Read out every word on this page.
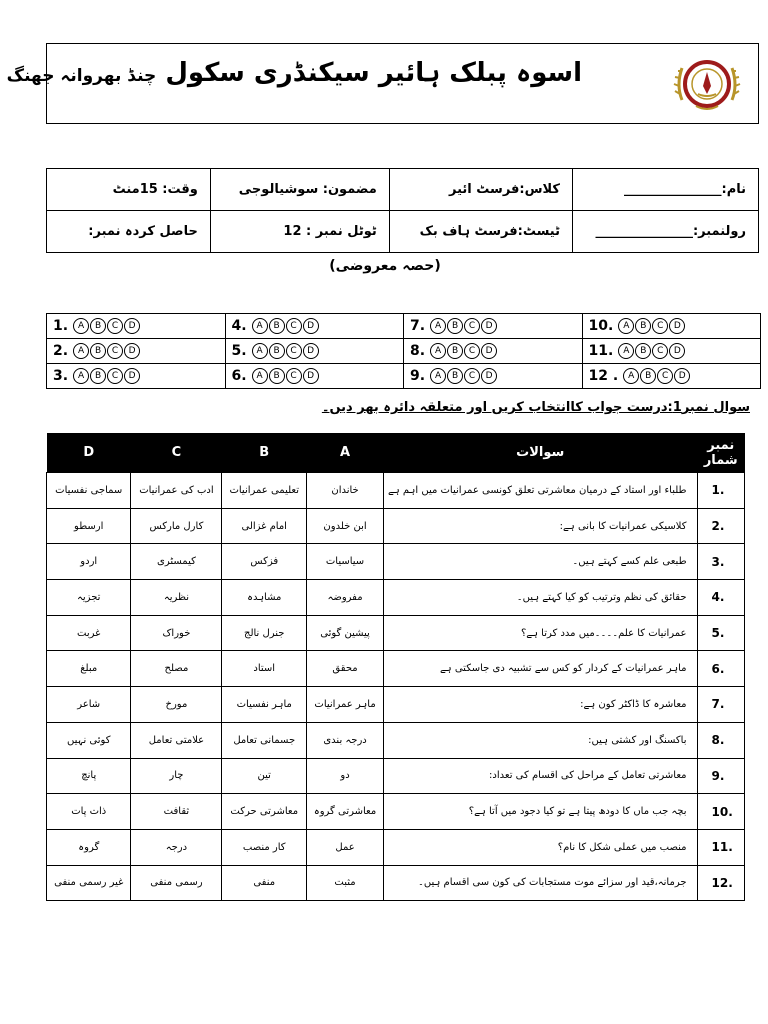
اسوہ پبلک ہائیر سیکنڈری سکول چنڈ بھروانہ جھنگ
نام:_______________	کلاس:فرسٹ ائیر	مضمون: سوشیالوجی	وقت: 15منٹ
رولنمبر:_______________	ٹیسٹ:فرسٹ ہاف بک	ٹوٹل نمبر : 12	حاصل کردہ نمبر:
(حصہ معروضی)
1. A B C D	4. A B C D	7. A B C D	10. A B C D
2. A B C D	5. A B C D	8. A B C D	11. A B C D
3. A B C D	6. A B C D	9. A B C D	12 . A B C D
سوال نمبر1:درست جواب کاانتخاب کریں اور متعلقہ دائرہ بھر دیں۔
D	C	B	A	سوالات	نمبر شمار
سماجی نفسیات	ادب کی عمرانیات	تعلیمی عمرانیات	خاندان	طلباء اور استاد کے درمیان معاشرتی تعلق کونسی عمرانیات میں اہم ہے	1.
ارسطو	کارل مارکس	امام غزالی	ابن خلدون	کلاسیکی عمرانیات کا بانی ہے:	2.
اردو	کیمسٹری	فزکس	سیاسیات	طبعی علم کسے کہتے ہیں۔	3.
تجزیہ	نظریہ	مشاہدہ	مفروضہ	حقائق کی نظم وترتیب کو کیا کہتے ہیں۔	4.
غربت	خوراک	جنرل نالج	پیشین گوئی	عمرانیات کا علم۔۔۔۔میں مدد کرتا ہے؟	5.
مبلغ	مصلح	استاد	محقق	ماہر عمرانیات کے کردار کو کس سے تشبیہ دی جاسکتی ہے	6.
شاعر	مورخ	ماہر نفسیات	ماہر عمرانیات	معاشرہ کا ڈاکٹر کون ہے:	7.
کوئی نہیں	علامتی تعامل	جسمانی تعامل	درجہ بندی	باکسنگ اور کشتی ہیں:	8.
پانچ	چار	تین	دو	معاشرتی تعامل کے مراحل کی اقسام کی تعداد:	9.
ذات پات	ثقافت	معاشرتی حرکت	معاشرتی گروہ	بچہ جب ماں کا دودھ پیتا ہے تو کیا دجود میں آتا ہے؟	10.
گروہ	درجہ	کار منصب	عمل	منصب میں عملی شکل کا نام؟	11.
غیر رسمی منفی	رسمی منفی	منفی	مثبت	جرمانہ،قید اور سزائے موت مستجابات کی کون سی اقسام ہیں۔	12.
